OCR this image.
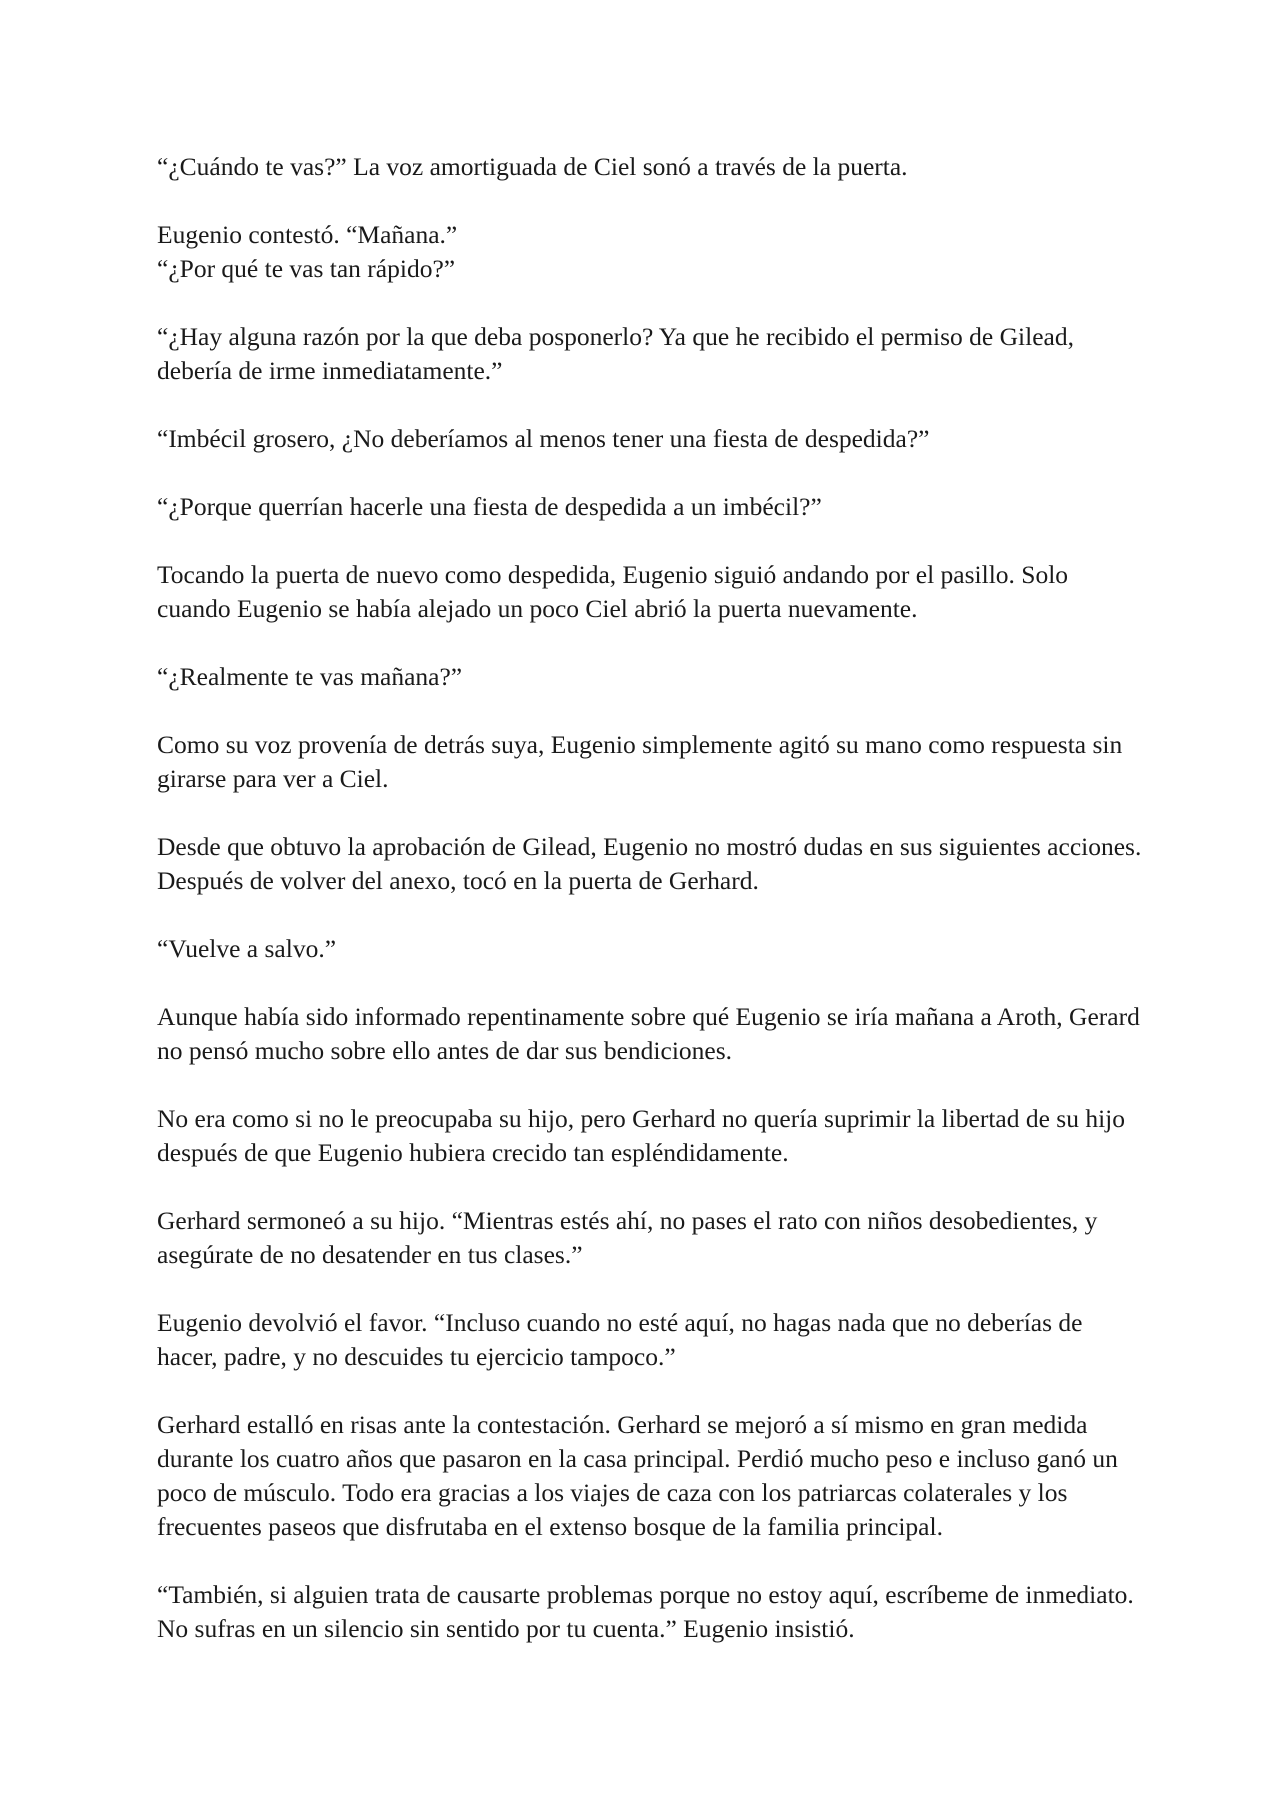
“¿Cuándo te vas?” La voz amortiguada de Ciel sonó a través de la puerta.

Eugenio contestó. “Mañana.”

“¿Por qué te vas tan rápido?”

“¿Hay alguna razón por la que deba posponerlo? Ya que he recibido el permiso de Gilead, debería de irme inmediatamente.”

“Imbécil grosero, ¿No deberíamos al menos tener una fiesta de despedida?”

“¿Porque querrían hacerle una fiesta de despedida a un imbécil?”

Tocando la puerta de nuevo como despedida, Eugenio siguió andando por el pasillo. Solo cuando Eugenio se había alejado un poco Ciel abrió la puerta nuevamente.

“¿Realmente te vas mañana?”

Como su voz provenía de detrás suya, Eugenio simplemente agitó su mano como respuesta sin girarse para ver a Ciel.

Desde que obtuvo la aprobación de Gilead, Eugenio no mostró dudas en sus siguientes acciones. Después de volver del anexo, tocó en la puerta de Gerhard.

“Vuelve a salvo.”

Aunque había sido informado repentinamente sobre qué Eugenio se iría mañana a Aroth, Gerard no pensó mucho sobre ello antes de dar sus bendiciones.

No era como si no le preocupaba su hijo, pero Gerhard no quería suprimir la libertad de su hijo después de que Eugenio hubiera crecido tan espléndidamente.

Gerhard sermoneó a su hijo. “Mientras estés ahí, no pases el rato con niños desobedientes, y asegúrate de no desatender en tus clases.”

Eugenio devolvió el favor. “Incluso cuando no esté aquí, no hagas nada que no deberías de hacer, padre, y no descuides tu ejercicio tampoco.”

Gerhard estalló en risas ante la contestación. Gerhard se mejoró a sí mismo en gran medida durante los cuatro años que pasaron en la casa principal. Perdió mucho peso e incluso ganó un poco de músculo. Todo era gracias a los viajes de caza con los patriarcas colaterales y los frecuentes paseos que disfrutaba en el extenso bosque de la familia principal.

“También, si alguien trata de causarte problemas porque no estoy aquí, escríbeme de inmediato. No sufras en un silencio sin sentido por tu cuenta.” Eugenio insistió.
